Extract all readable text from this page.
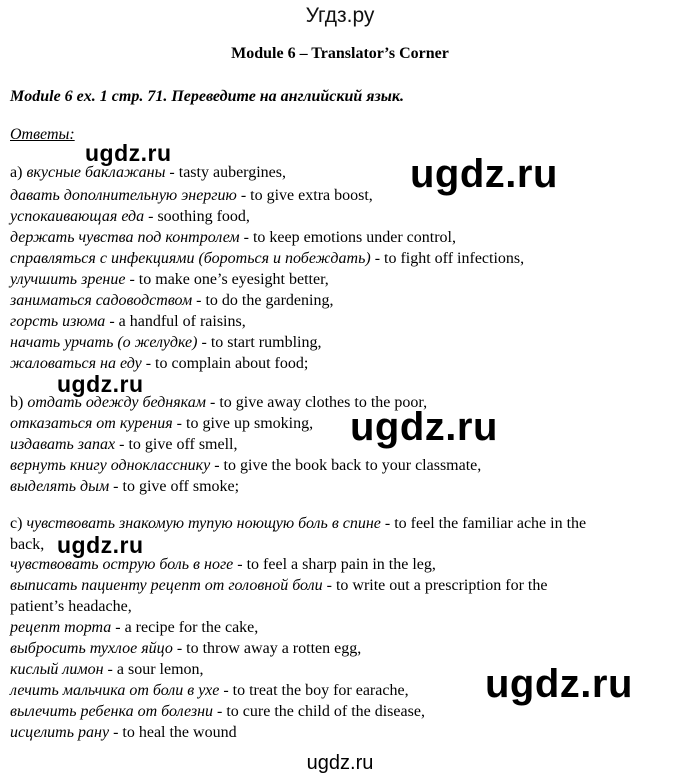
Угдз.ру
Module 6 – Translator’s Corner
Module 6 ex. 1 стр. 71. Переведите на английский язык.
Ответы:
а) вкусные баклажаны - tasty aubergines,
давать дополнительную энергию - to give extra boost,
успокаивающая еда - soothing food,
держать чувства под контролем - to keep emotions under control,
справляться с инфекциями (бороться и побеждать) - to fight off infections,
улучшить зрение - to make one’s eyesight better,
заниматься садоводством - to do the gardening,
горсть изюма - a handful of raisins,
начать урчать (о желудке) - to start rumbling,
жаловаться на еду - to complain about food;
b) отдать одежду беднякам - to give away clothes to the poor,
отказаться от курения - to give up smoking,
издавать запах - to give off smell,
вернуть книгу однокласснику - to give the book back to your classmate,
выделять дым - to give off smoke;
c) чувствовать знакомую тупую ноющую боль в спине - to feel the familiar ache in the
back,
чувствовать острую боль в ноге - to feel a sharp pain in the leg,
выписать пациенту рецепт от головной боли - to write out a prescription for the
patient’s headache,
рецепт торта - a recipe for the cake,
выбросить тухлое яйцо - to throw away a rotten egg,
кислый лимон - a sour lemon,
лечить мальчика от боли в ухе - to treat the boy for earache,
вылечить ребенка от болезни - to cure the child of the disease,
исцелить рану - to heal the wound
ugdz.ru	ugdz.ru
ugdz.ru
ugdz.ru
ugdz.ru
ugdz.ru
ugdz.ru
